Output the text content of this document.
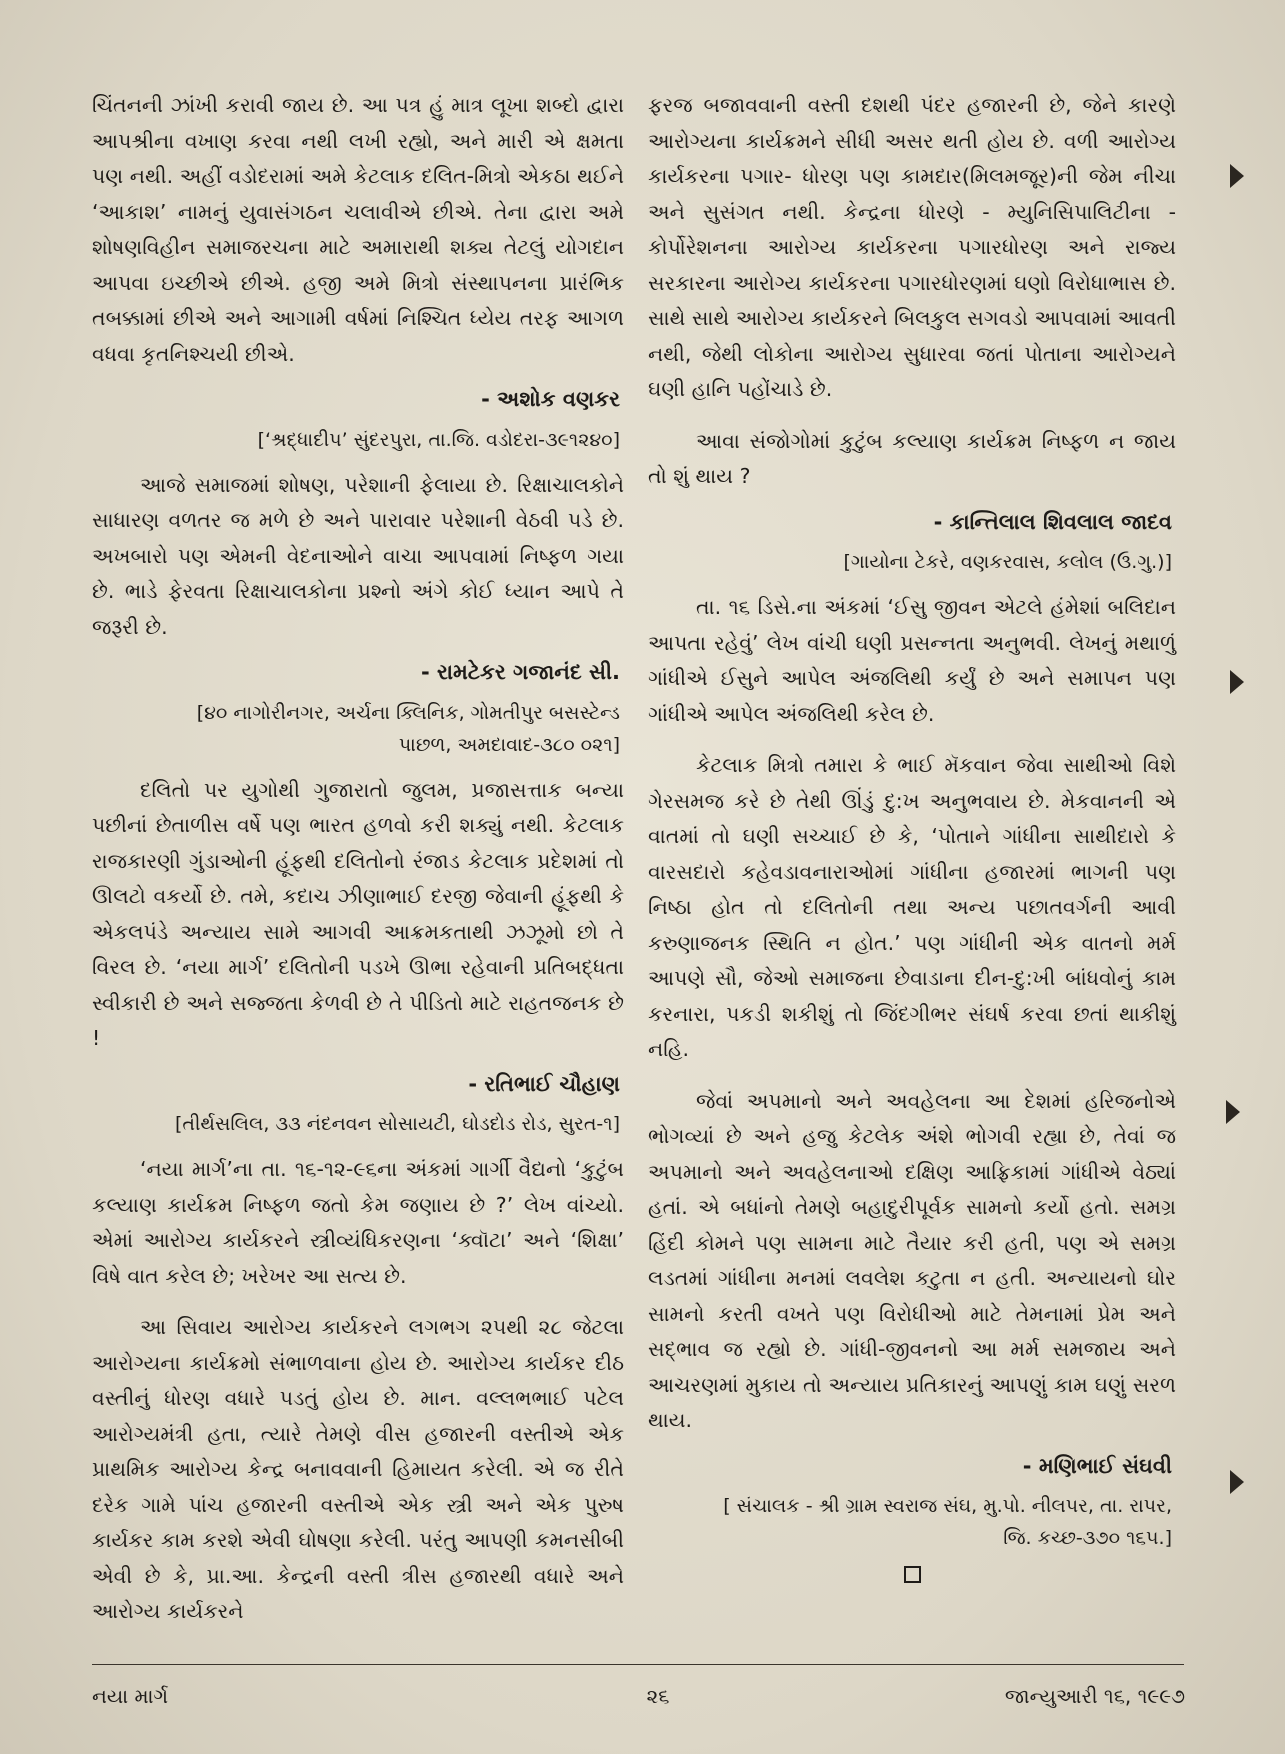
ચિંતનની ઝાંખી કરાવી જાય છે. આ પત્ર હું માત્ર લૂખા શબ્દો દ્વારા આપશ્રીના વખાણ કરવા નથી લખી રહ્યો, અને મારી એ ક્ષમતા પણ નથી. અહીં વડોદરામાં અમે કેટલાક દલિત-મિત્રો એકઠા થઈને ‘આકાશ’ નામનું યુવાસંગઠન ચલાવીએ છીએ. તેના દ્વારા અમે શોષણવિહીન સમાજરચના માટે અમારાથી શક્ય તેટલું યોગદાન આપવા ઇચ્છીએ છીએ. હજી અમે મિત્રો સંસ્થાપનના પ્રારંભિક તબક્કામાં છીએ અને આગામી વર્ષમાં નિશ્ચિત ધ્યેય તરફ આગળ વધવા કૃતનિશ્ચયી છીએ.

- અશોક વણકર
[‘શ્રદ્ધાદીપ’ સુંદરપુરા, તા.જિ. વડોદરા-૩૯૧૨૪૦]

આજે સમાજમાં શોષણ, પરેશાની ફેલાયા છે. રિક્ષાચાલકોને સાધારણ વળતર જ મળે છે અને પારાવાર પરેશાની વેઠવી પડે છે. અખબારો પણ એમની વેદનાઓને વાચા આપવામાં નિષ્ફળ ગયા છે. ભાડે ફેરવતા રિક્ષાચાલકોના પ્રશ્નો અંગે કોઈ ધ્યાન આપે તે જરૂરી છે.

- રામટેકર ગજાનંદ સી.
[૪૦ નાગોરીનગર, અર્ચના ક્લિનિક, ગોમતીપુર બસસ્ટેન્ડ
પાછળ, અમદાવાદ-૩૮૦ ૦૨૧]

દલિતો પર યુગોથી ગુજારાતો જુલમ, પ્રજાસત્તાક બન્યા પછીનાં છેતાળીસ વર્ષે પણ ભારત હળવો કરી શક્યું નથી. કેટલાક રાજકારણી ગુંડાઓની હૂંફથી દલિતોનો રંજાડ કેટલાક પ્રદેશમાં તો ઊલટો વકર્યો છે. તમે, કદાચ ઝીણાભાઈ દરજી જેવાની હૂંફથી કે એકલપંડે અન્યાય સામે આગવી આક્રમકતાથી ઝઝૂમો છો તે વિરલ છે. ‘નયા માર્ગ’ દલિતોની પડખે ઊભા રહેવાની પ્રતિબદ્ધતા સ્વીકારી છે અને સજ્જતા કેળવી છે તે પીડિતો માટે રાહતજનક છે !

- રતિભાઈ ચૌહાણ
[તીર્થસલિલ, ૩૩ નંદનવન સોસાયટી, ઘોડદોડ રોડ, સુરત-૧]

‘નયા માર્ગ’ના તા. ૧૬-૧૨-૯૬ના અંકમાં ગાર્ગી વૈદ્યનો ‘કુટુંબ કલ્યાણ કાર્યક્રમ નિષ્ફળ જતો કેમ જણાય છે ?’ લેખ વાંચ્યો. એમાં આરોગ્ય કાર્યકરને સ્ત્રીવ્યંધિકરણના ‘ક્વૉટા’ અને ‘શિક્ષા’ વિષે વાત કરેલ છે; ખરેખર આ સત્ય છે.

આ સિવાય આરોગ્ય કાર્યકરને લગભગ ૨૫થી ૨૮ જેટલા આરોગ્યના કાર્યક્રમો સંભાળવાના હોય છે. આરોગ્ય કાર્યકર દીઠ વસ્તીનું ધોરણ વધારે પડતું હોય છે. માન. વલ્લભભાઈ પટેલ આરોગ્યમંત્રી હતા, ત્યારે તેમણે વીસ હજારની વસ્તીએ એક પ્રાથમિક આરોગ્ય કેન્દ્ર બનાવવાની હિમાયત કરેલી. એ જ રીતે દરેક ગામે પાંચ હજારની વસ્તીએ એક સ્ત્રી અને એક પુરુષ કાર્યકર કામ કરશે એવી ઘોષણા કરેલી. પરંતુ આપણી કમનસીબી એવી છે કે, પ્રા.આ. કેન્દ્રની વસ્તી ત્રીસ હજારથી વધારે અને આરોગ્ય કાર્યકરને

ફરજ બજાવવાની વસ્તી દશથી પંદર હજારની છે, જેને કારણે આરોગ્યના કાર્યક્રમને સીધી અસર થતી હોય છે. વળી આરોગ્ય કાર્યકરના પગાર- ધોરણ પણ કામદાર(મિલમજૂર)ની જેમ નીચા અને સુસંગત નથી. કેન્દ્રના ધોરણે - મ્યુનિસિપાલિટીના - કોર્પોરેશનના આરોગ્ય કાર્યકરના પગારધોરણ અને રાજ્ય સરકારના આરોગ્ય કાર્યકરના પગારધોરણમાં ઘણો વિરોધાભાસ છે. સાથે સાથે આરોગ્ય કાર્યકરને બિલકુલ સગવડો આપવામાં આવતી નથી, જેથી લોકોના આરોગ્ય સુધારવા જતાં પોતાના આરોગ્યને ઘણી હાનિ પહોંચાડે છે.

આવા સંજોગોમાં કુટુંબ કલ્યાણ કાર્યક્રમ નિષ્ફળ ન જાય તો શું થાય ?

- કાન્તિલાલ શિવલાલ જાદવ
[ગાયોના ટેકરે, વણકરવાસ, કલોલ (ઉ.ગુ.)]

તા. ૧૬ ડિસે.ના અંકમાં ‘ઈસુ જીવન એટલે હંમેશાં બલિદાન આપતા રહેવું’ લેખ વાંચી ઘણી પ્રસન્નતા અનુભવી. લેખનું મથાળું ગાંધીએ ઈસુને આપેલ અંજલિથી કર્યું છે અને સમાપન પણ ગાંધીએ આપેલ અંજલિથી કરેલ છે.

કેટલાક મિત્રો તમારા કે ભાઈ મૅકવાન જેવા સાથીઓ વિશે ગેરસમજ કરે છે તેથી ઊંડું દુ:ખ અનુભવાય છે. મેકવાનની એ વાતમાં તો ઘણી સચ્ચાઈ છે કે, ‘પોતાને ગાંધીના સાથીદારો કે વારસદારો કહેવડાવનારાઓમાં ગાંધીના હજારમાં ભાગની પણ નિષ્ઠા હોત તો દલિતોની તથા અન્ય પછાતવર્ગની આવી કરુણાજનક સ્થિતિ ન હોત.’ પણ ગાંધીની એક વાતનો મર્મ આપણે સૌ, જેઓ સમાજના છેવાડાના દીન-દુ:ખી બાંધવોનું કામ કરનારા, પકડી શકીશું તો જિંદગીભર સંઘર્ષ કરવા છતાં થાકીશું નહિ.

જેવાં અપમાનો અને અવહેલના આ દેશમાં હરિજનોએ ભોગવ્યાં છે અને હજુ કેટલેક અંશે ભોગવી રહ્યા છે, તેવાં જ અપમાનો અને અવહેલનાઓ દક્ષિણ આફ્રિકામાં ગાંધીએ વેઠ્યાં હતાં. એ બધાંનો તેમણે બહાદુરીપૂર્વક સામનો કર્યો હતો. સમગ્ર હિંદી કોમને પણ સામના માટે તૈયાર કરી હતી, પણ એ સમગ્ર લડતમાં ગાંધીના મનમાં લવલેશ કટુતા ન હતી. અન્યાયનો ઘોર સામનો કરતી વખતે પણ વિરોધીઓ માટે તેમનામાં પ્રેમ અને સદ્ભાવ જ રહ્યો છે. ગાંધી-જીવનનો આ મર્મ સમજાય અને આચરણમાં મુકાય તો અન્યાય પ્રતિકારનું આપણું કામ ઘણું સરળ થાય.

- મણિભાઈ સંઘવી
[ સંચાલક - શ્રી ગ્રામ સ્વરાજ સંઘ, મુ.પો. નીલપર, તા. રાપર,
જિ. કચ્છ-૩૭૦ ૧૬૫.]
નયા માર્ગ	૨૬	જાન્યુઆરી ૧૬, ૧૯૯૭
